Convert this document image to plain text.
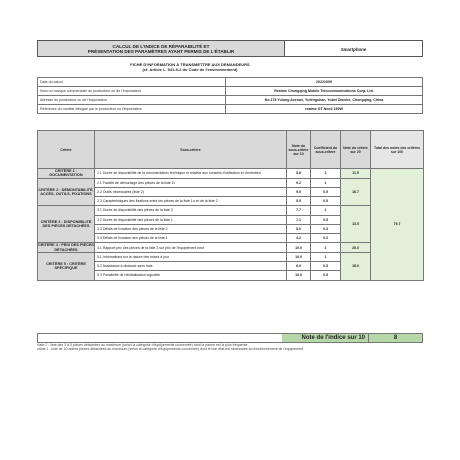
CALCUL DE L'INDICE DE RÉPARABILITÉ ET
PRÉSENTATION DES PARAMÈTRES AYANT PERMIS DE L'ÉTABLIR	Smartphone
FICHE D'INFORMATION À TRANSMETTRE AUX DEMANDEURS
(cf. Article L. 541-9-2 du Code de l'environnement)
Date du calcul	2022/4/09
Nom ou marque commerciale du producteur ou de l'importateur	Realme Chongqing Mobile Telecommunications Corp. Ltd.
Adresse du producteur ou de l'importateur	No.178 Yulong Avenue, Yufengshan, Yubei District, Chongqing, China
Référence du modèle désigné par le producteur ou l'importateur	realme GT Neo3 150W
Critère	Sous-critère	Note du sous-critère sur 10	Coefficient du sous-critère	Note du critère sur 20	Total des notes des critères sur 100
CRITÈRE 1 : DOCUMENTATION	1.1 Durée de disponibilité de la documentation technique et relative aux conseils d'utilisation et d'entretien	5.8	2	11.5	79.7
CRITÈRE 2 : DÉMONTABILITÉ, ACCÈS, OUTILS, FIXATIONS	2.1 Facilité de démontage des pièces de la liste 2•	9.2	1	16.7	
	2.2 Outils nécessaires (liste 2)	9.0	0.5		
	2.3 Caractéristiques des fixations entre les pièces de la liste 1•• et de la liste 2	5.0	0.5		
CRITÈRE 3 : DISPONIBILITÉ DES PIÈCES DÉTACHÉES	3.1 Durée de disponibilité des pièces de la liste 2	7.7	1	13.5	
	3.2 Durée de disponibilité des pièces de la liste 1	7.1	0.5		
	3.3 Délais de livraison des pièces de la liste 2	5.0	0.3		
	3.4 Délais de livraison des pièces de la liste 1	4.2	0.2		
CRITÈRE 4 : PRIX DES PIÈCES DÉTACHÉES	4.1 Rapport prix des pièces de la liste 2 sur prix de l'équipement neuf	10.0	2	20.0	
CRITÈRE 5 : CRITÈRE SPÉCIFIQUE	5.1 Informations sur la nature des mises à jour	10.0	1	18.0	
	5.2 Assistance à distance sans frais	6.0	0.5		
	5.3 Possibilité de réinitialisation logicielle	10.0	0.5		
Note de l'indice sur 10	8
•liste 2 : liste des 3 à 5 pièces détachées au maximum (selon la catégorie d'équipements concernée) dont la panne est la plus fréquente.
••liste 1 : liste de 10 autres pièces détachées au maximum (selon la catégorie d'équipements concernée) dont le bon état est nécessaire au fonctionnement de l'équipement.
